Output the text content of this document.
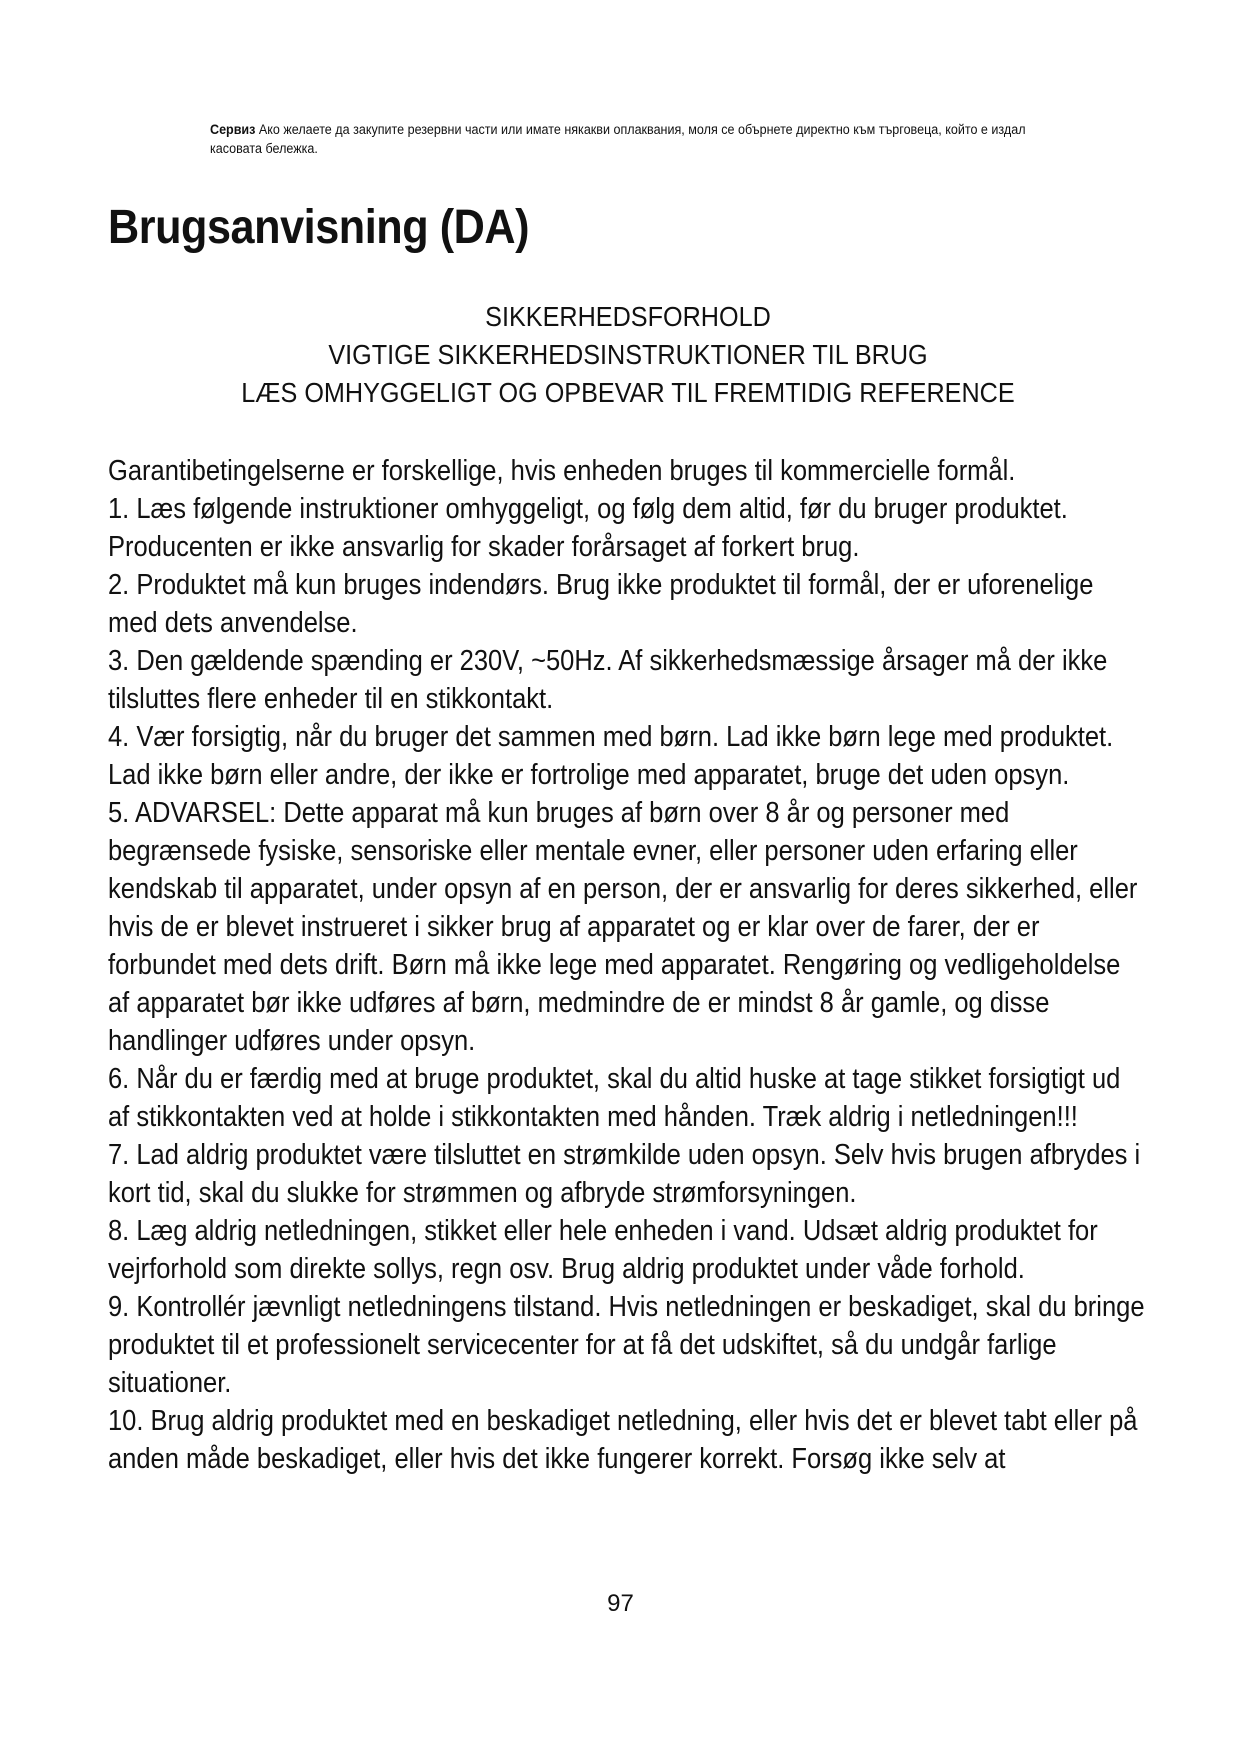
Сервиз Ако желаете да закупите резервни части или имате някакви оплаквания, моля се обърнете директно към търговеца, който е издал касовата бележка.
Brugsanvisning (DA)
SIKKERHEDSFORHOLD
VIGTIGE SIKKERHEDSINSTRUKTIONER TIL BRUG
LÆS OMHYGGELIGT OG OPBEVAR TIL FREMTIDIG REFERENCE

Garantibetingelserne er forskellige, hvis enheden bruges til kommercielle formål.

1. Læs følgende instruktioner omhyggeligt, og følg dem altid, før du bruger produktet. Producenten er ikke ansvarlig for skader forårsaget af forkert brug.

2. Produktet må kun bruges indendørs. Brug ikke produktet til formål, der er uforenelige med dets anvendelse.

3. Den gældende spænding er 230V, ~50Hz. Af sikkerhedsmæssige årsager må der ikke tilsluttes flere enheder til en stikkontakt.

4. Vær forsigtig, når du bruger det sammen med børn. Lad ikke børn lege med produktet. Lad ikke børn eller andre, der ikke er fortrolige med apparatet, bruge det uden opsyn.

5. ADVARSEL: Dette apparat må kun bruges af børn over 8 år og personer med begrænsede fysiske, sensoriske eller mentale evner, eller personer uden erfaring eller kendskab til apparatet, under opsyn af en person, der er ansvarlig for deres sikkerhed, eller hvis de er blevet instrueret i sikker brug af apparatet og er klar over de farer, der er forbundet med dets drift. Børn må ikke lege med apparatet. Rengøring og vedligeholdelse af apparatet bør ikke udføres af børn, medmindre de er mindst 8 år gamle, og disse handlinger udføres under opsyn.

6. Når du er færdig med at bruge produktet, skal du altid huske at tage stikket forsigtigt ud af stikkontakten ved at holde i stikkontakten med hånden. Træk aldrig i netledningen!!!

7. Lad aldrig produktet være tilsluttet en strømkilde uden opsyn. Selv hvis brugen afbrydes i kort tid, skal du slukke for strømmen og afbryde strømforsyningen.

8. Læg aldrig netledningen, stikket eller hele enheden i vand. Udsæt aldrig produktet for vejrforhold som direkte sollys, regn osv. Brug aldrig produktet under våde forhold.

9. Kontrollér jævnligt netledningens tilstand. Hvis netledningen er beskadiget, skal du bringe produktet til et professionelt servicecenter for at få det udskiftet, så du undgår farlige situationer.

10. Brug aldrig produktet med en beskadiget netledning, eller hvis det er blevet tabt eller på anden måde beskadiget, eller hvis det ikke fungerer korrekt. Forsøg ikke selv at

97
